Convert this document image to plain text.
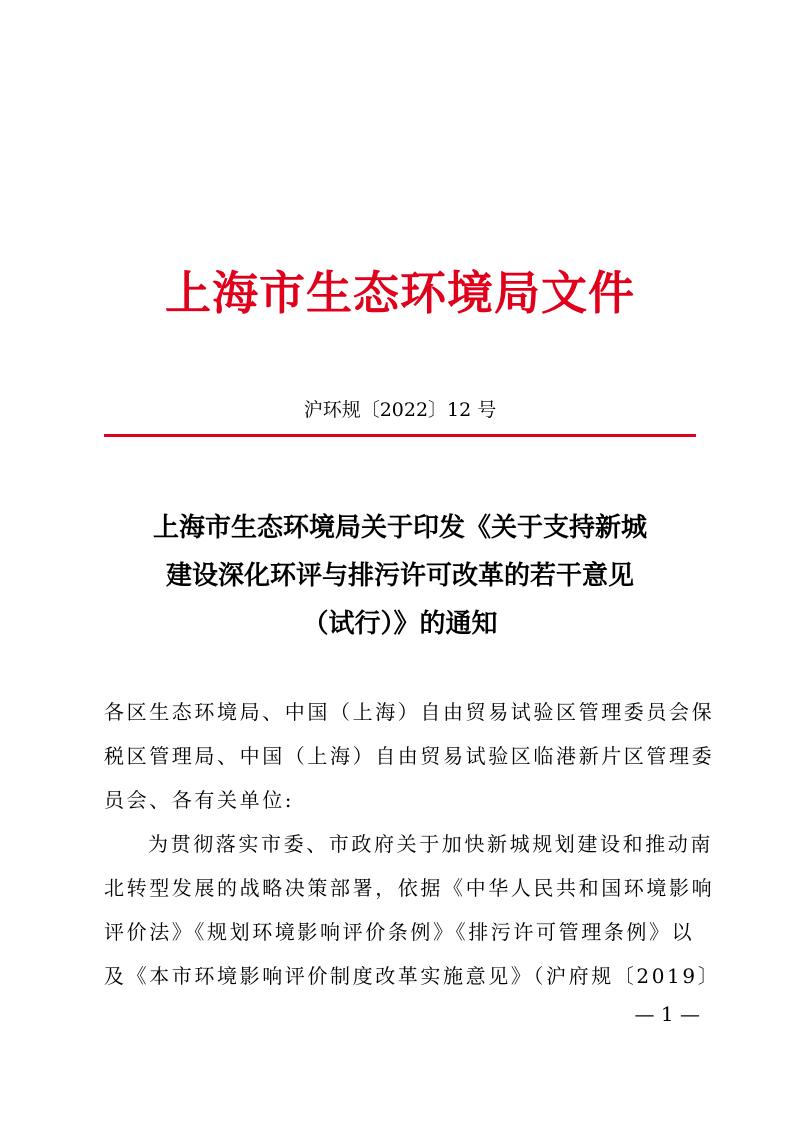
上海市生态环境局文件
沪环规〔2022〕12 号
上海市生态环境局关于印发《关于支持新城
建设深化环评与排污许可改革的若干意见
（试行）》的通知
各区生态环境局、中国（上海）自由贸易试验区管理委员会保
税区管理局、中国（上海）自由贸易试验区临港新片区管理委
员会、各有关单位:
为贯彻落实市委、市政府关于加快新城规划建设和推动南
北转型发展的战略决策部署，依据《中华人民共和国环境影响
评价法》《规划环境影响评价条例》《排污许可管理条例》以
及《本市环境影响评价制度改革实施意见》（沪府规〔2019〕
— 1 —
